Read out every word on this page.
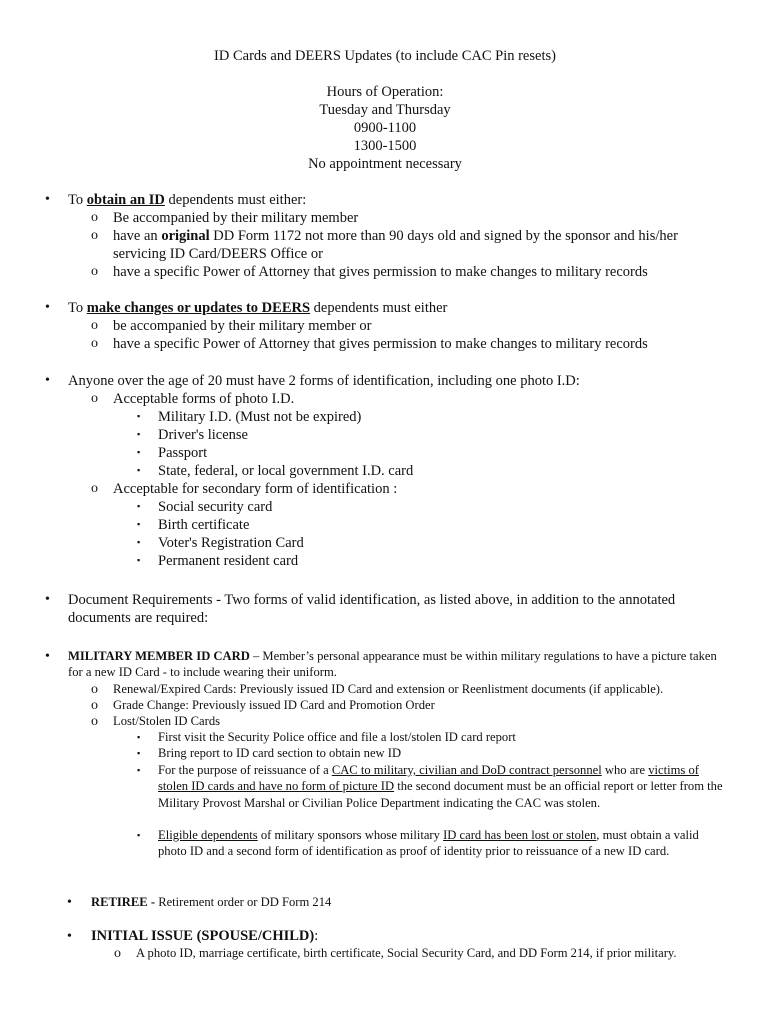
ID Cards and DEERS Updates (to include CAC Pin resets)
Hours of Operation:
Tuesday and Thursday
0900-1100
1300-1500
No appointment necessary
• To obtain an ID dependents must either:
o Be accompanied by their military member
o have an original DD Form 1172 not more than 90 days old and signed by the sponsor and his/her servicing ID Card/DEERS Office or
o have a specific Power of Attorney that gives permission to make changes to military records
• To make changes or updates to DEERS dependents must either
o be accompanied by their military member or
o have a specific Power of Attorney that gives permission to make changes to military records
• Anyone over the age of 20 must have 2 forms of identification, including one photo I.D:
o Acceptable forms of photo I.D.
▪ Military I.D. (Must not be expired)
▪ Driver's license
▪ Passport
▪ State, federal, or local government I.D. card
o Acceptable for secondary form of identification :
▪ Social security card
▪ Birth certificate
▪ Voter's Registration Card
▪ Permanent resident card
• Document Requirements - Two forms of valid identification, as listed above, in addition to the annotated documents are required:
• MILITARY MEMBER ID CARD – Member’s personal appearance must be within military regulations to have a picture taken for a new ID Card - to include wearing their uniform.
o Renewal/Expired Cards: Previously issued ID Card and extension or Reenlistment documents (if applicable).
o Grade Change: Previously issued ID Card and Promotion Order
o Lost/Stolen ID Cards
▪ First visit the Security Police office and file a lost/stolen ID card report
▪ Bring report to ID card section to obtain new ID
▪ For the purpose of reissuance of a CAC to military, civilian and DoD contract personnel who are victims of stolen ID cards and have no form of picture ID the second document must be an official report or letter from the Military Provost Marshal or Civilian Police Department indicating the CAC was stolen.
▪ Eligible dependents of military sponsors whose military ID card has been lost or stolen, must obtain a valid photo ID and a second form of identification as proof of identity prior to reissuance of a new ID card.
• RETIREE - Retirement order or DD Form 214
• INITIAL ISSUE (SPOUSE/CHILD):
o A photo ID, marriage certificate, birth certificate, Social Security Card, and DD Form 214, if prior military.
